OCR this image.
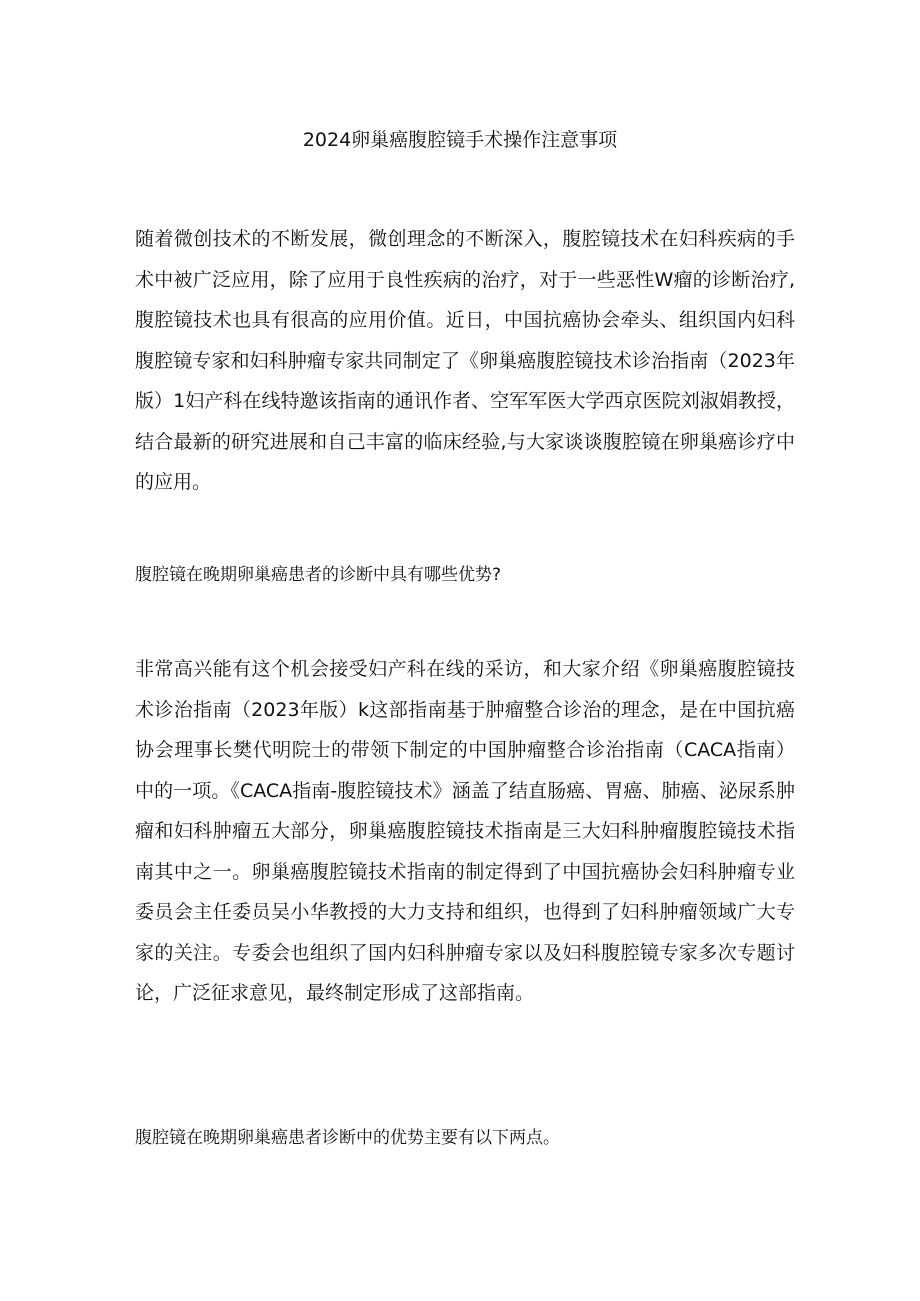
2024卵巢癌腹腔镜手术操作注意事项

随着微创技术的不断发展，微创理念的不断深入，腹腔镜技术在妇科疾病的手术中被广泛应用，除了应用于良性疾病的治疗，对于一些恶性W瘤的诊断治疗,腹腔镜技术也具有很高的应用价值。近日，中国抗癌协会牵头、组织国内妇科腹腔镜专家和妇科肿瘤专家共同制定了《卵巢癌腹腔镜技术诊治指南（2023年版）1妇产科在线特邀该指南的通讯作者、空军军医大学西京医院刘淑娟教授，结合最新的研究进展和自己丰富的临床经验,与大家谈谈腹腔镜在卵巢癌诊疗中的应用。

腹腔镜在晚期卵巢癌患者的诊断中具有哪些优势?

非常高兴能有这个机会接受妇产科在线的采访，和大家介绍《卵巢癌腹腔镜技术诊治指南（2023年版）k这部指南基于肿瘤整合诊治的理念，是在中国抗癌协会理事长樊代明院士的带领下制定的中国肿瘤整合诊治指南（CACA指南）中的一项。《CACA指南-腹腔镜技术》涵盖了结直肠癌、胃癌、肺癌、泌尿系肿瘤和妇科肿瘤五大部分，卵巢癌腹腔镜技术指南是三大妇科肿瘤腹腔镜技术指南其中之一。卵巢癌腹腔镜技术指南的制定得到了中国抗癌协会妇科肿瘤专业委员会主任委员吴小华教授的大力支持和组织，也得到了妇科肿瘤领域广大专家的关注。专委会也组织了国内妇科肿瘤专家以及妇科腹腔镜专家多次专题讨论，广泛征求意见，最终制定形成了这部指南。

腹腔镜在晚期卵巢癌患者诊断中的优势主要有以下两点。
